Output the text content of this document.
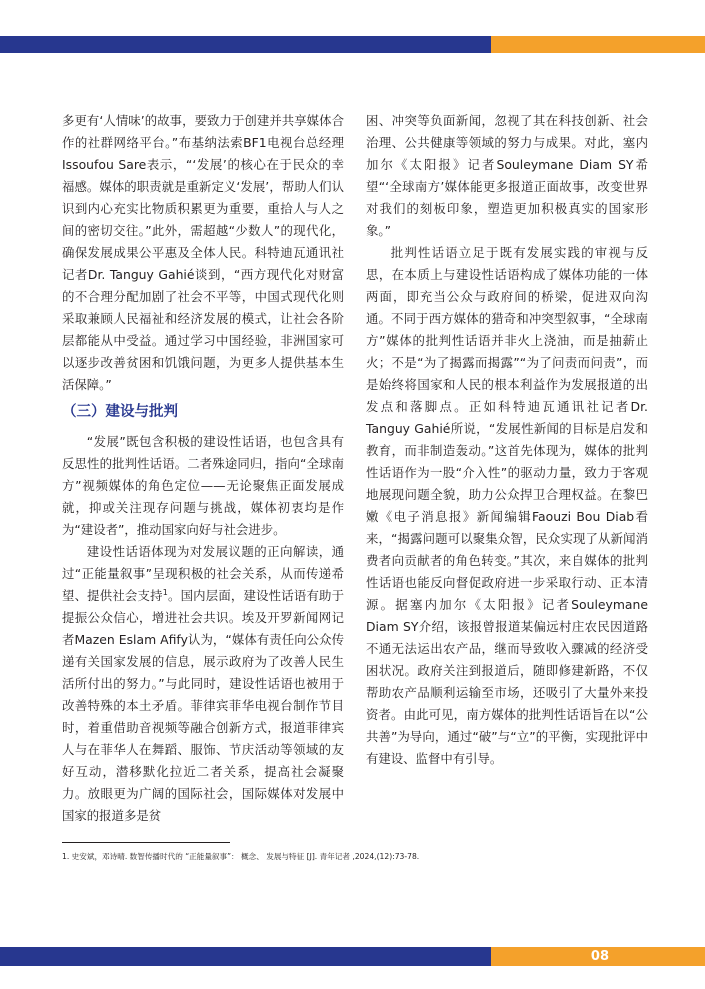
多更有‘人情味’的故事，要致力于创建并共享媒体合作的社群网络平台。”布基纳法索BF1电视台总经理Issoufou Sare表示，“‘发展’的核心在于民众的幸福感。媒体的职责就是重新定义‘发展’，帮助人们认识到内心充实比物质积累更为重要，重拾人与人之间的密切交往。”此外，需超越“少数人”的现代化，确保发展成果公平惠及全体人民。科特迪瓦通讯社记者Dr. Tanguy Gahié谈到，“西方现代化对财富的不合理分配加剧了社会不平等，中国式现代化则采取兼顾人民福祉和经济发展的模式，让社会各阶层都能从中受益。通过学习中国经验，非洲国家可以逐步改善贫困和饥饿问题，为更多人提供基本生活保障。”

（三）建设与批判

“发展”既包含积极的建设性话语，也包含具有反思性的批判性话语。二者殊途同归，指向“全球南方”视频媒体的角色定位——无论聚焦正面发展成就，抑或关注现存问题与挑战，媒体初衷均是作为“建设者”，推动国家向好与社会进步。

建设性话语体现为对发展议题的正向解读，通过“正能量叙事”呈现积极的社会关系，从而传递希望、提供社会支持$^1$。国内层面，建设性话语有助于提振公众信心，增进社会共识。埃及开罗新闻网记者Mazen Eslam Afify认为，“媒体有责任向公众传递有关国家发展的信息，展示政府为了改善人民生活所付出的努力。”与此同时，建设性话语也被用于改善特殊的本土矛盾。菲律宾菲华电视台制作节目时，着重借助音视频等融合创新方式，报道菲律宾人与在菲华人在舞蹈、服饰、节庆活动等领域的友好互动，潜移默化拉近二者关系，提高社会凝聚力。放眼更为广阔的国际社会，国际媒体对发展中国家的报道多是贫

困、冲突等负面新闻，忽视了其在科技创新、社会治理、公共健康等领域的努力与成果。对此，塞内加尔《太阳报》记者Souleymane Diam SY希望“‘全球南方’媒体能更多报道正面故事，改变世界对我们的刻板印象，塑造更加积极真实的国家形象。”

批判性话语立足于既有发展实践的审视与反思，在本质上与建设性话语构成了媒体功能的一体两面，即充当公众与政府间的桥梁，促进双向沟通。不同于西方媒体的猎奇和冲突型叙事，“全球南方”媒体的批判性话语并非火上浇油，而是抽薪止火；不是“为了揭露而揭露”“为了问责而问责”，而是始终将国家和人民的根本利益作为发展报道的出发点和落脚点。正如科特迪瓦通讯社记者Dr. Tanguy Gahié所说，“发展性新闻的目标是启发和教育，而非制造轰动。”这首先体现为，媒体的批判性话语作为一股“介入性”的驱动力量，致力于客观地展现问题全貌，助力公众捍卫合理权益。在黎巴嫩《电子消息报》新闻编辑Faouzi Bou Diab看来，“揭露问题可以聚集众智，民众实现了从新闻消费者向贡献者的角色转变。”其次，来自媒体的批判性话语也能反向督促政府进一步采取行动、正本清源。据塞内加尔《太阳报》记者Souleymane Diam SY介绍，该报曾报道某偏远村庄农民因道路不通无法运出农产品，继而导致收入骤减的经济受困状况。政府关注到报道后，随即修建新路，不仅帮助农产品顺利运输至市场，还吸引了大量外来投资者。由此可见，南方媒体的批判性话语旨在以“公共善”为导向，通过“破”与“立”的平衡，实现批评中有建设、监督中有引导。

1. 史安斌，邓诗晴. 数智传播时代的 “正能量叙事”： 概念、 发展与特征 [J]. 青年记者 ,2024,(12):73-78.
08
